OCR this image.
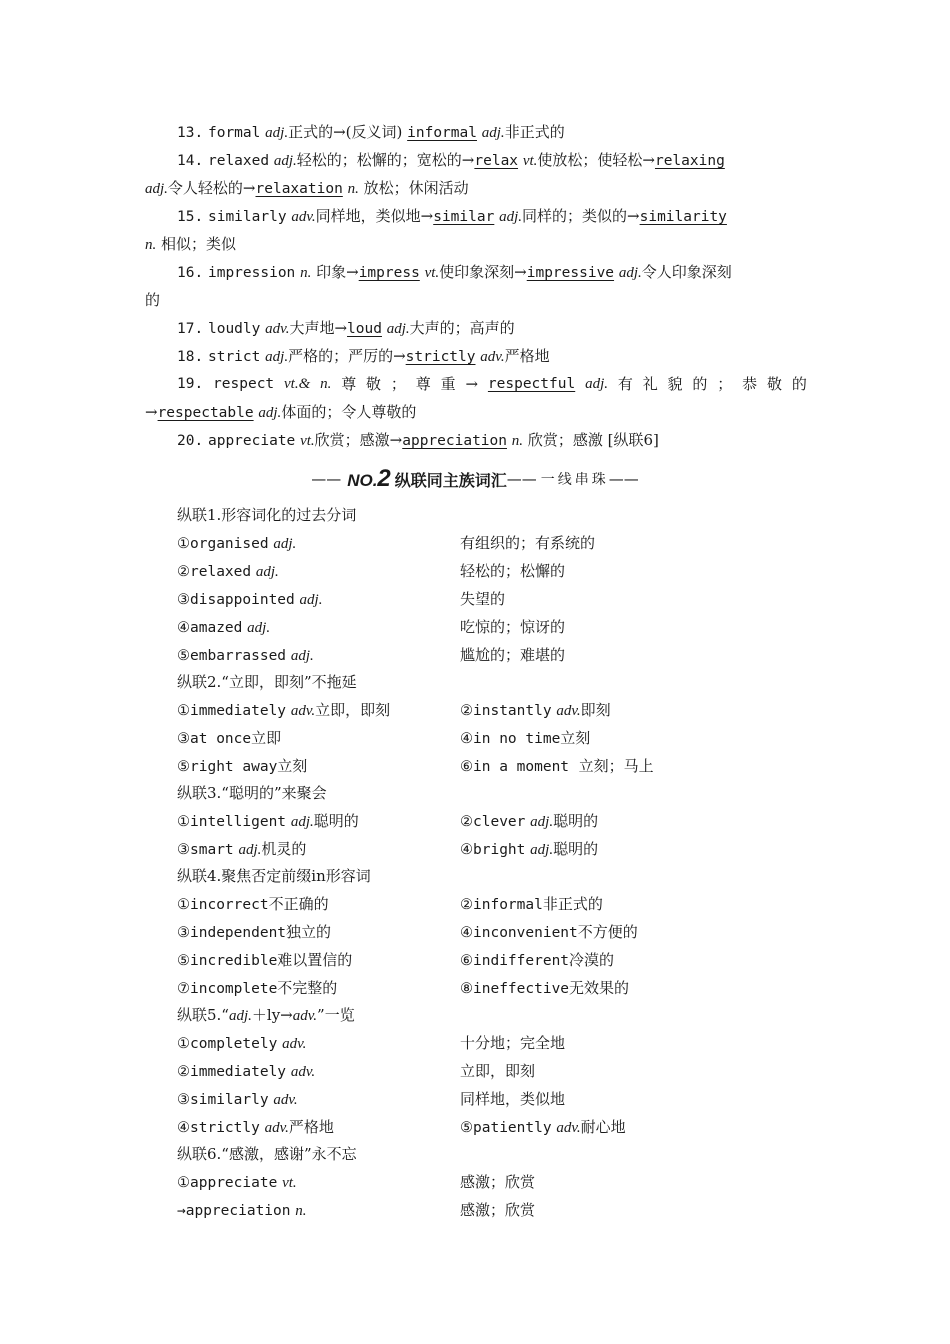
13. formal adj.正式的→(反义词) informal adj.非正式的
14. relaxed adj.轻松的；松懈的；宽松的→relax vt.使放松；使轻松→relaxing
adj.令人轻松的→relaxation n. 放松；休闲活动
15. similarly adv.同样地，类似地→similar adj.同样的；类似的→similarity
n. 相似；类似
16. impression n. 印象→impress vt.使印象深刻→impressive adj.令人印象深刻
的
17. loudly adv.大声地→loud adj.大声的；高声的
18. strict adj.严格的；严厉的→strictly adv.严格地
19. respect vt.& n. 尊 敬 ； 尊 重 → respectful adj. 有 礼 貌 的 ； 恭 敬 的
→respectable adj.体面的；令人尊敬的
20. appreciate vt.欣赏；感激→appreciation n. 欣赏；感激 [纵联6]
—— NO.2 纵联同主族词汇 —— 一线串珠 ——
纵联1.形容词化的过去分词
①organised adj.	有组织的；有系统的
②relaxed adj.	轻松的；松懈的
③disappointed adj.	失望的
④amazed adj.	吃惊的；惊讶的
⑤embarrassed adj.	尴尬的；难堪的
纵联2.“立即，即刻”不拖延
①immediately adv.立即，即刻	②instantly adv.即刻
③at once立即	④in no time立刻
⑤right away立刻	⑥in a moment 立刻；马上
纵联3.“聪明的”来聚会
①intelligent adj.聪明的	②clever adj.聪明的
③smart adj.机灵的	④bright adj.聪明的
纵联4.聚焦否定前缀in形容词
①incorrect不正确的	②informal非正式的
③independent独立的	④inconvenient不方便的
⑤incredible难以置信的	⑥indifferent冷漠的
⑦incomplete不完整的	⑧ineffective无效果的
纵联5.“adj.＋ly→adv.”一览
①completely adv.	十分地；完全地
②immediately adv.	立即，即刻
③similarly adv.	同样地，类似地
④strictly adv.严格地	⑤patiently adv.耐心地
纵联6.“感激，感谢”永不忘
①appreciate vt.	感激；欣赏
→appreciation n.	感激；欣赏
